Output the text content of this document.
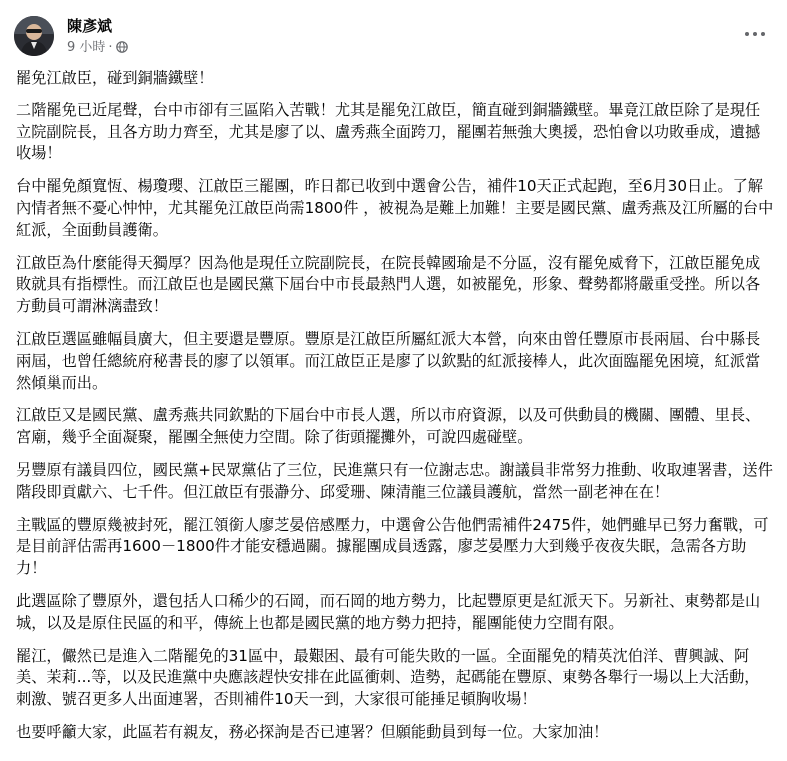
陳彥斌
9 小時 ·

罷免江啟臣，碰到銅牆鐵壁！

二階罷免已近尾聲，台中市卻有三區陷入苦戰！尤其是罷免江啟臣，簡直碰到銅牆鐵壁。畢竟江啟臣除了是現任立院副院長，且各方助力齊至，尤其是廖了以、盧秀燕全面跨刀，罷團若無強大奧援，恐怕會以功敗垂成，遺撼收場！

台中罷免顏寬恆、楊瓊瓔、江啟臣三罷團，昨日都已收到中選會公告，補件10天正式起跑，至6月30日止。了解內情者無不憂心忡忡，尤其罷免江啟臣尚需1800件 ，被視為是難上加難！主要是國民黨、盧秀燕及江所屬的台中紅派，全面動員護衛。

江啟臣為什麼能得天獨厚？因為他是現任立院副院長，在院長韓國瑜是不分區，沒有罷免威脅下，江啟臣罷免成敗就具有指標性。而江啟臣也是國民黨下屆台中市長最熱門人選，如被罷免，形象、聲勢都將嚴重受挫。所以各方動員可謂淋漓盡致！

江啟臣選區雖幅員廣大，但主要還是豐原。豐原是江啟臣所屬紅派大本營，向來由曾任豐原市長兩屆、台中縣長兩屆，也曾任總統府秘書長的廖了以領軍。而江啟臣正是廖了以欽點的紅派接棒人，此次面臨罷免困境，紅派當然傾巢而出。

江啟臣又是國民黨、盧秀燕共同欽點的下屆台中市長人選，所以市府資源，以及可供動員的機關、團體、里長、宮廟，幾乎全面凝聚，罷團全無使力空間。除了街頭擺攤外，可說四處碰壁。

另豐原有議員四位，國民黨+民眾黨佔了三位，民進黨只有一位謝志忠。謝議員非常努力推動、收取連署書，送件階段即貢獻六、七千件。但江啟臣有張瀞分、邱愛珊、陳清龍三位議員護航，當然一副老神在在！

主戰區的豐原幾被封死，罷江領銜人廖芝晏倍感壓力，中選會公告他們需補件2475件，她們雖早已努力奮戰，可是目前評估需再1600－1800件才能安穩過關。據罷團成員透露，廖芝晏壓力大到幾乎夜夜失眠，急需各方助力！

此選區除了豐原外，還包括人口稀少的石岡，而石岡的地方勢力，比起豐原更是紅派天下。另新社、東勢都是山城，以及是原住民區的和平，傳統上也都是國民黨的地方勢力把持，罷團能使力空間有限。

罷江，儼然已是進入二階罷免的31區中，最艱困、最有可能失敗的一區。全面罷免的精英沈伯洋、曹興誠、阿美、茉莉...等，以及民進黨中央應該趕快安排在此區衝刺、造勢，起碼能在豐原、東勢各舉行一場以上大活動，刺激、號召更多人出面連署，否則補件10天一到，大家很可能捶足頓胸收場！

也要呼籲大家，此區若有親友，務必探詢是否已連署？但願能動員到每一位。大家加油！
